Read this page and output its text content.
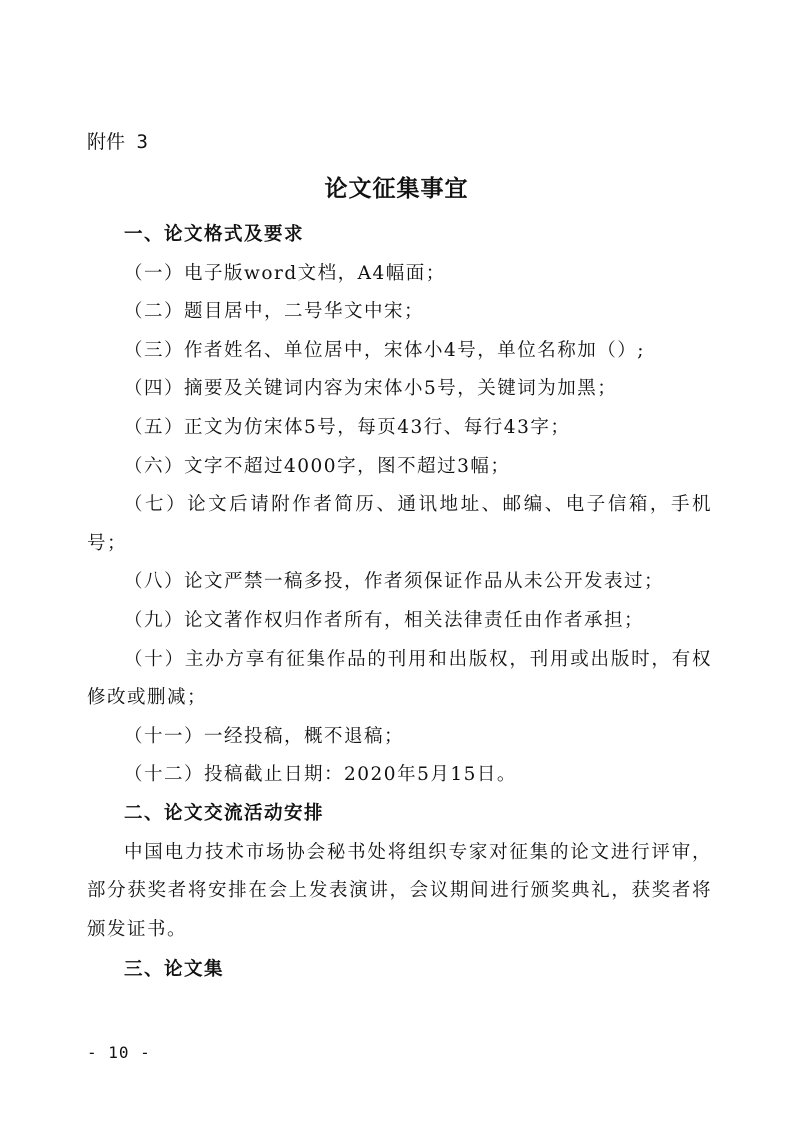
附件 3
论文征集事宜

一、论文格式及要求

（一）电子版word文档，A4幅面；

（二）题目居中，二号华文中宋；

（三）作者姓名、单位居中，宋体小4号，单位名称加（）;

（四）摘要及关键词内容为宋体小5号，关键词为加黑；

（五）正文为仿宋体5号，每页43行、每行43字；

（六）文字不超过4000字，图不超过3幅；

（七）论文后请附作者简历、通讯地址、邮编、电子信箱，手机号；

（八）论文严禁一稿多投，作者须保证作品从未公开发表过；

（九）论文著作权归作者所有，相关法律责任由作者承担；

（十）主办方享有征集作品的刊用和出版权，刊用或出版时，有权修改或删减；

（十一）一经投稿，概不退稿；

（十二）投稿截止日期：2020年5月15日。

二、论文交流活动安排

中国电力技术市场协会秘书处将组织专家对征集的论文进行评审，部分获奖者将安排在会上发表演讲，会议期间进行颁奖典礼，获奖者将颁发证书。

三、论文集

- 10 -
